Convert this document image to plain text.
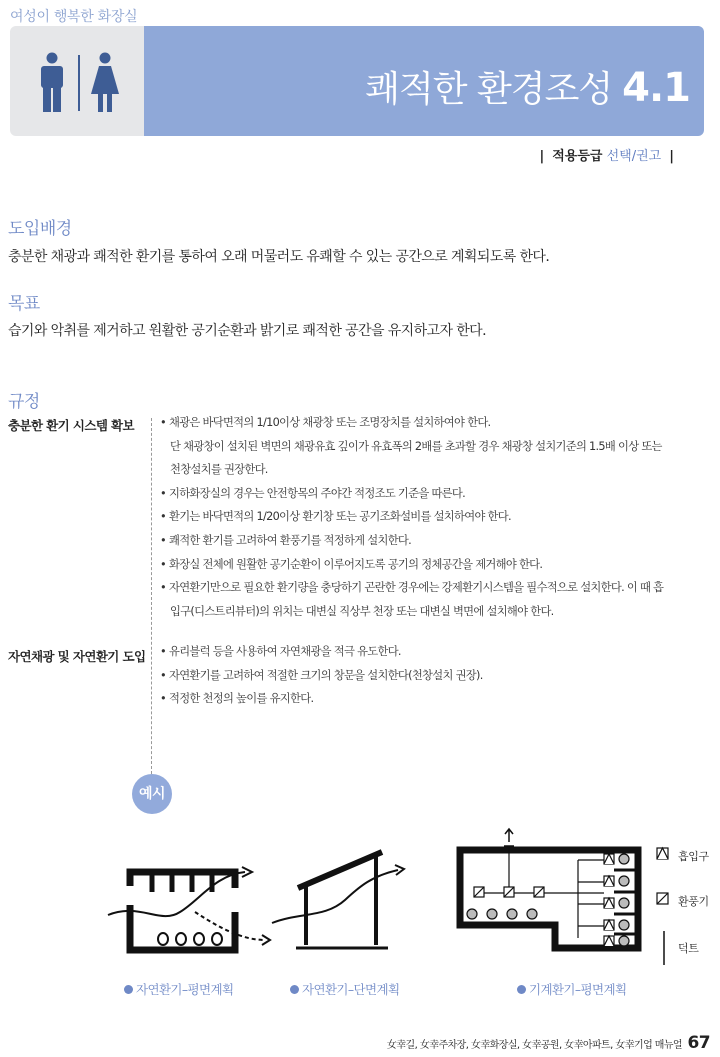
여성이 행복한 화장실
쾌적한 환경조성 4.1
| 적용등급 선택/권고 |
도입배경
충분한 채광과 쾌적한 환기를 통하여 오래 머물러도 유쾌할 수 있는 공간으로 계획되도록 한다.
목표
습기와 악취를 제거하고 원활한 공기순환과 밝기로 쾌적한 공간을 유지하고자 한다.
규정
충분한 환기 시스템 확보 • 채광은 바닥면적의 1/10이상 채광창 또는 조명장치를 설치하여야 한다.
단 채광창이 설치된 벽면의 채광유효 깊이가 유효폭의 2배를 초과할 경우 채광창 설치기준의 1.5배 이상 또는
천창설치를 권장한다.
• 지하화장실의 경우는 안전항목의 주야간 적정조도 기준을 따른다.
• 환기는 바닥면적의 1/20이상 환기창 또는 공기조화설비를 설치하여야 한다.
• 쾌적한 환기를 고려하여 환풍기를 적정하게 설치한다.
• 화장실 전체에 원활한 공기순환이 이루어지도록 공기의 정체공간을 제거해야 한다.
• 자연환기만으로 필요한 환기량을 충당하기 곤란한 경우에는 강제환기시스템을 필수적으로 설치한다. 이 때 흡
입구(디스트리뷰터)의 위치는 대변실 직상부 천장 또는 대변실 벽면에 설치해야 한다.
자연채광 및 자연환기 도입 • 유리블럭 등을 사용하여 자연채광을 적극 유도한다.
• 자연환기를 고려하여 적절한 크기의 창문을 설치한다(천창설치 권장).
• 적정한 천정의 높이를 유지한다.
예시
흡입구
환풍기
덕트
자연환기–평면계획	자연환기–단면계획	기계환기–평면계획
女幸길, 女幸주차장, 女幸화장실, 女幸공원, 女幸아파트, 女幸기업 매뉴얼 67
